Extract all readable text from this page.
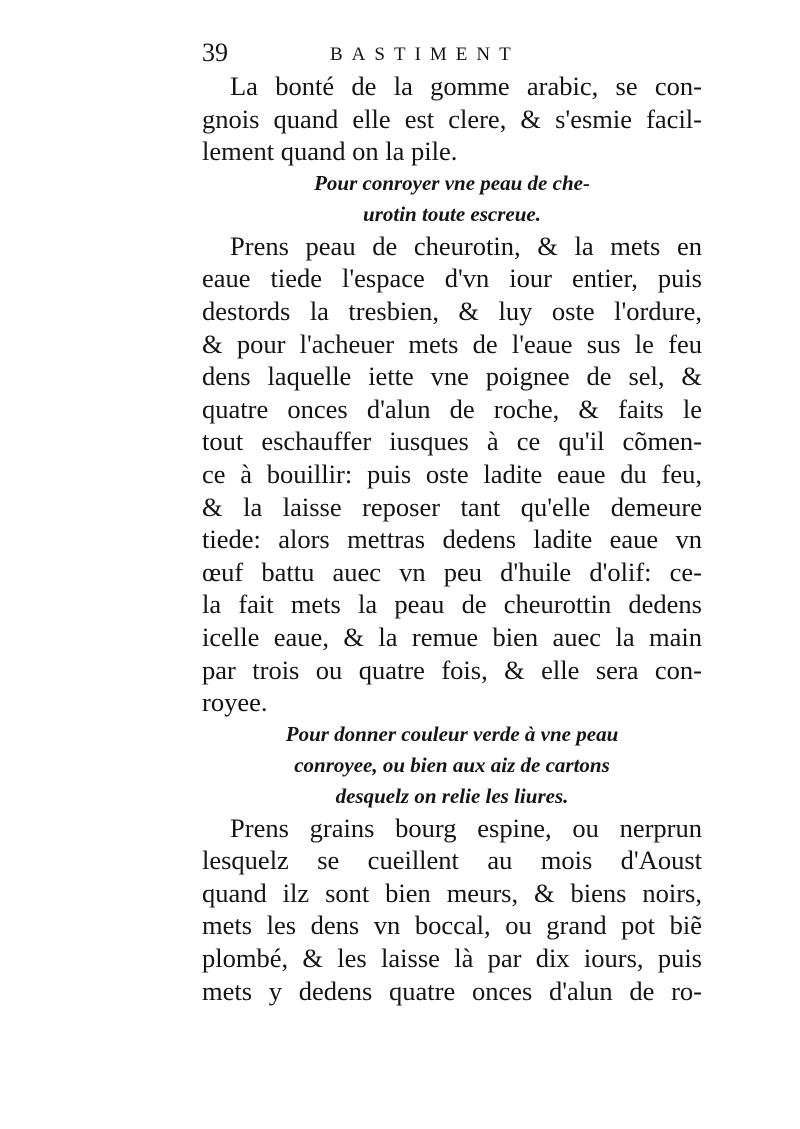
39	BASTIMENT
La bonté de la gomme arabic, se con-
gnois quand elle est clere, & s'esmie facil-
lement quand on la pile.
Pour conroyer vne peau de che-
urotin toute escreue.
Prens peau de cheurotin, & la mets en
eaue tiede l'espace d'vn iour entier, puis
destords la tresbien, & luy oste l'ordure,
& pour l'acheuer mets de l'eaue sus le feu
dens laquelle iette vne poignee de sel, &
quatre onces d'alun de roche, & faits le
tout eschauffer iusques à ce qu'il cõmen-
ce à bouillir: puis oste ladite eaue du feu,
& la laisse reposer tant qu'elle demeure
tiede: alors mettras dedens ladite eaue vn
œuf battu auec vn peu d'huile d'olif: ce-
la fait mets la peau de cheurottin dedens
icelle eaue, & la remue bien auec la main
par trois ou quatre fois, & elle sera con-
royee.
Pour donner couleur verde à vne peau
conroyee, ou bien aux aiz de cartons
desquelz on relie les liures.
Prens grains bourg espine, ou nerprun
lesquelz se cueillent au mois d'Aoust
quand ilz sont bien meurs, & biens noirs,
mets les dens vn boccal, ou grand pot biẽ
plombé, & les laisse là par dix iours, puis
mets y dedens quatre onces d'alun de ro-
